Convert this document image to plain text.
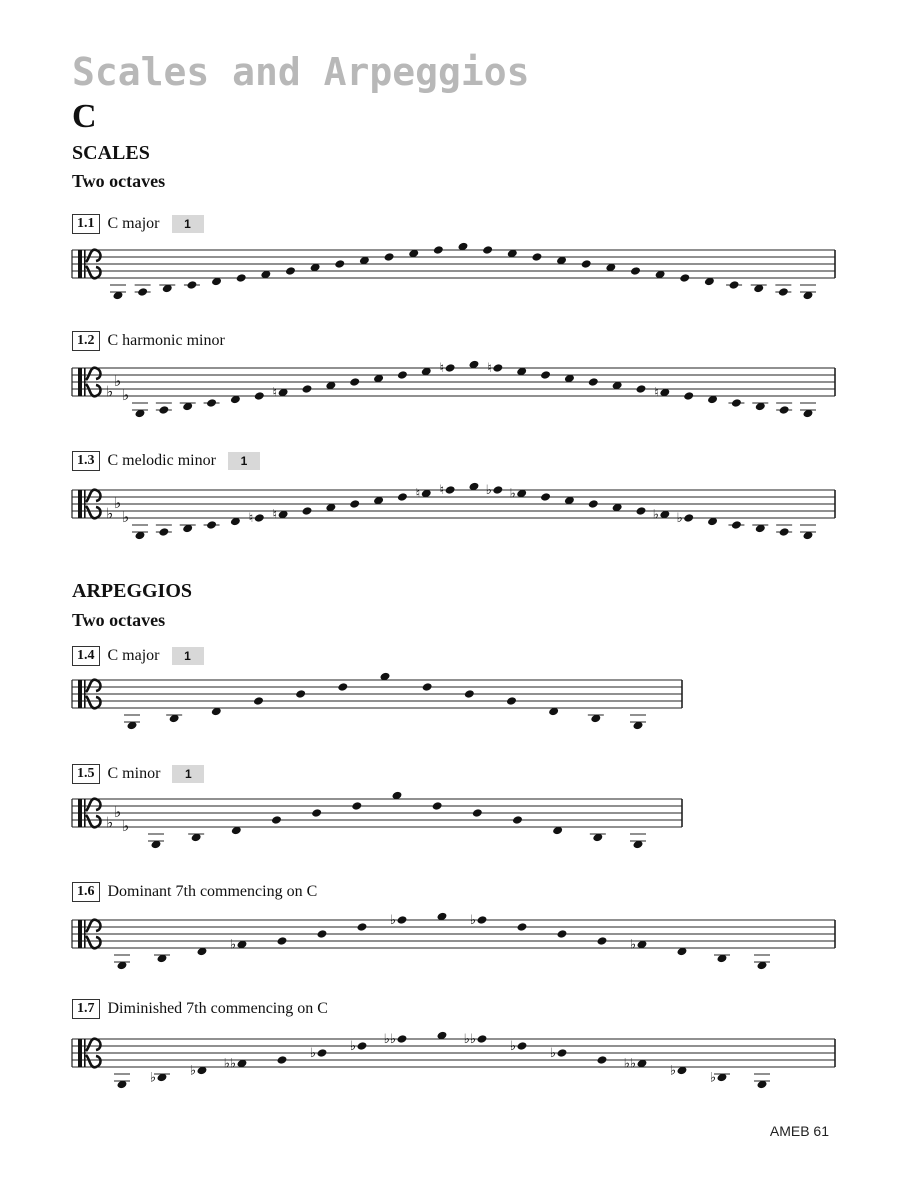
Scales and Arpeggios
C
SCALES
Two octaves
ARPEGGIOS
Two octaves
1.1 C major	1
1.2 C harmonic minor
♭
♭
♭	♮
♮	♮
♮
1.3 C melodic minor	1
♭
♭
♭	♮ ♮
♮ ♮	♭ ♭
♭ ♭
1.4 C major	1
1.5 C minor	1
♭
♭
♭
1.6 Dominant 7th commencing on C
♭
♭	♭
♭
1.7 Diminished 7th commencing on C
♭	♭ ♭♭
♭	♭ ♭♭	♭♭	♭	♭
♭♭	♭	♭
AMEB 61
